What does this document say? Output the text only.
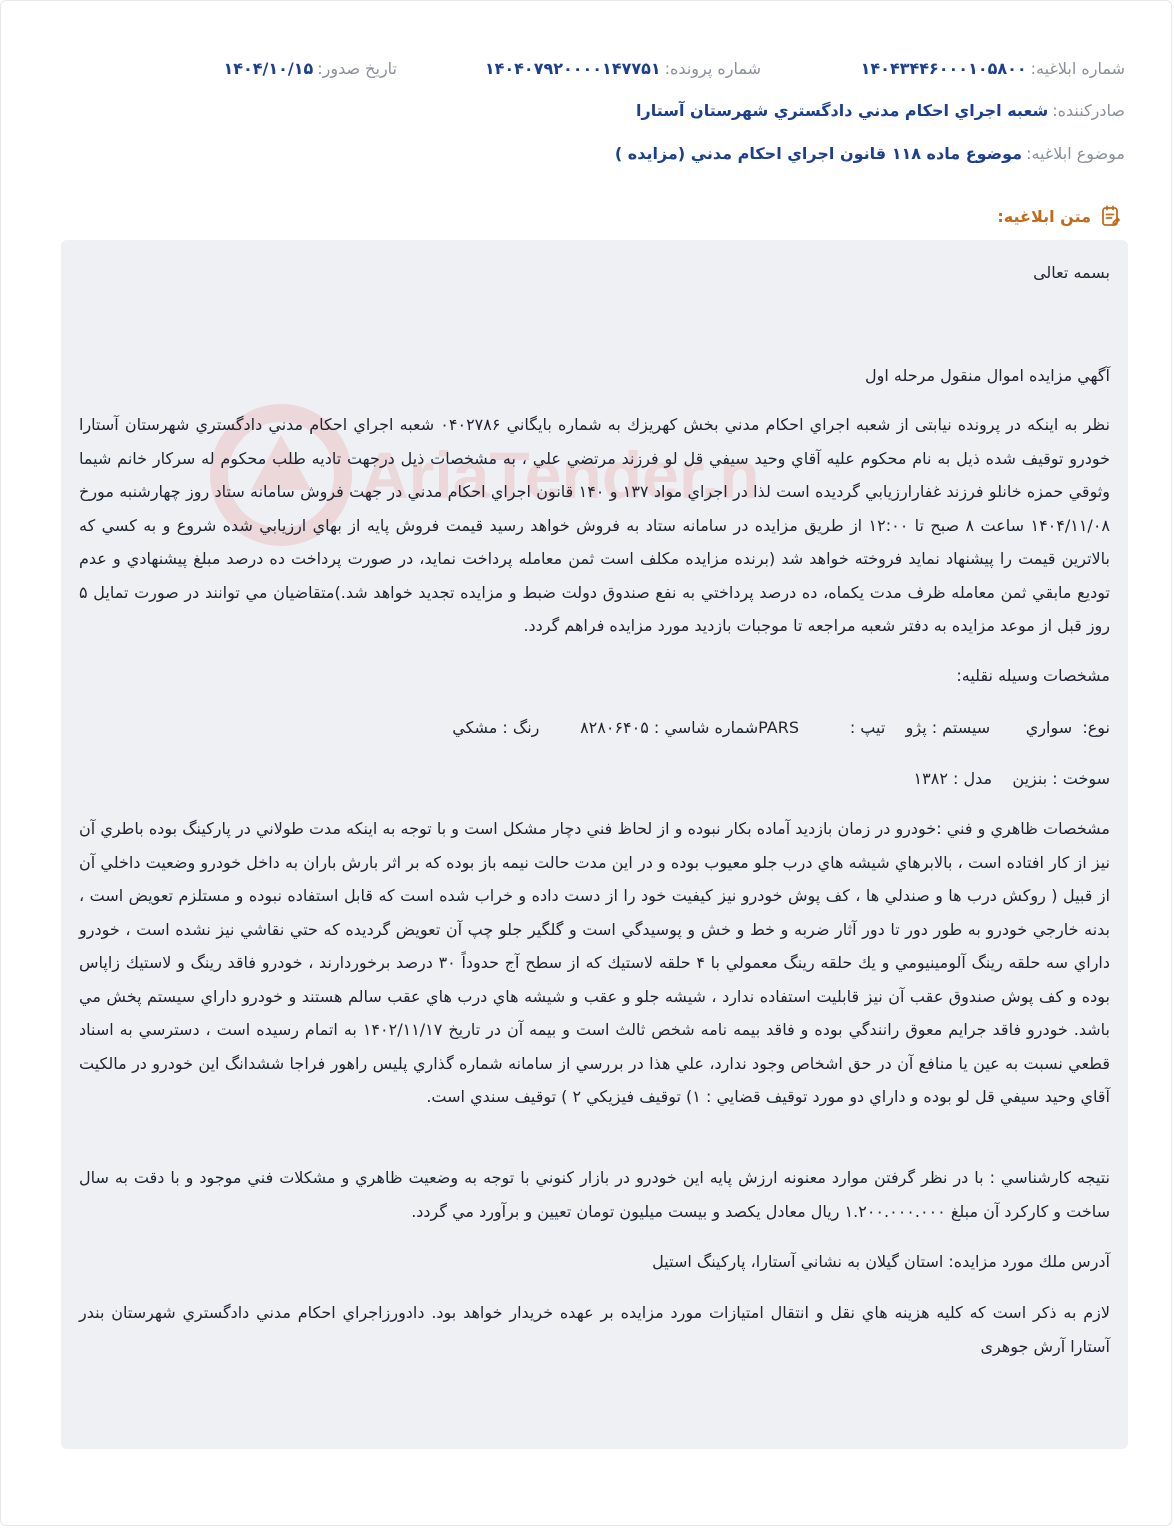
شماره ابلاغیه:
۱۴۰۴۳۴۴۶۰۰۰۱۰۵۸۰۰
شماره پرونده:
۱۴۰۴۰۷۹۲۰۰۰۰۱۴۷۷۵۱
تاریخ صدور:
۱۴۰۴/۱۰/۱۵
صادرکننده:
شعبه اجراي احكام مدني دادگستري شهرستان آستارا
موضوع ابلاغیه:
موضوع ماده ۱۱۸ قانون اجراي احكام مدني (مزايده )
متن ابلاغیه:
AriaTender.n

بسمه تعالی

آگهي مزايده اموال منقول مرحله اول

نظر به اينكه در پرونده نيابتی از شعبه اجراي احكام مدني بخش كهريزك به شماره بايگاني ۰۴۰۲۷۸۶ شعبه اجراي احكام مدني دادگستري شهرستان آستارا خودرو توقيف شده ذيل به نام محكوم عليه آقاي وحيد سيفي قل لو فرزند مرتضي علي ، به مشخصات ذيل درجهت تاديه طلب محكوم له سركار خانم شيما وثوقي حمزه خانلو فرزند غفارارزيابي گرديده است لذا در اجراي مواد ۱۳۷ و ۱۴۰ قانون اجراي احكام مدني در جهت فروش سامانه ستاد روز چهارشنبه مورخ ۱۴۰۴/۱۱/۰۸ ساعت ۸ صبح تا ۱۲:۰۰ از طريق مزايده در سامانه ستاد به فروش خواهد رسيد قيمت فروش پايه از بهاي ارزيابي شده شروع و به كسي كه بالاترين قيمت را پيشنهاد نمايد فروخته خواهد شد (برنده مزايده مكلف است ثمن معامله پرداخت نمايد، در صورت پرداخت ده درصد مبلغ پيشنهادي و عدم توديع مابقي ثمن معامله ظرف مدت يكماه، ده درصد پرداختي به نفع صندوق دولت ضبط و مزايده تجديد خواهد شد.)متقاضيان مي توانند در صورت تمايل ۵ روز قبل از موعد مزايده به دفتر شعبه مراجعه تا موجبات بازديد مورد مزايده فراهم گردد.

مشخصات وسيله نقليه:

نوع:  سواري       سيستم : پژو    تيپ :          PARSشماره شاسي : ۸۲۸۰۶۴۰۵        رنگ : مشكي

سوخت : بنزين    مدل : ۱۳۸۲

مشخصات ظاهري و فني :خودرو در زمان بازديد آماده بكار نبوده و از لحاظ فني دچار مشكل است و با توجه به اينكه مدت طولاني در پاركينگ بوده باطري آن نيز از كار افتاده است ، بالابرهاي شيشه هاي درب جلو معيوب بوده و در اين مدت حالت نيمه باز بوده كه بر اثر بارش باران به داخل خودرو وضعيت داخلي آن از قبيل ( روكش درب ها و صندلي ها ، كف پوش خودرو نيز كيفيت خود را از دست داده و خراب شده است كه قابل استفاده نبوده و مستلزم تعويض است ، بدنه خارجي خودرو به طور دور تا دور آثار ضربه و خط و خش و پوسيدگي است و گلگير جلو چپ آن تعويض گرديده كه حتي نقاشي نيز نشده است ، خودرو داراي سه حلقه رينگ آلومينيومي و يك حلقه رينگ معمولي با ۴ حلقه لاستيك كه از سطح آج حدوداً ۳۰ درصد برخوردارند ، خودرو فاقد رينگ و لاستيك زاپاس بوده و كف پوش صندوق عقب آن نيز قابليت استفاده ندارد ، شيشه جلو و عقب و شيشه هاي درب هاي عقب سالم هستند و خودرو داراي سيستم پخش مي باشد. خودرو فاقد جرايم معوق رانندگي بوده و فاقد بيمه نامه شخص ثالث است و بيمه آن در تاريخ ۱۴۰۲/۱۱/۱۷ به اتمام رسيده است ، دسترسي به اسناد قطعي نسبت به عين يا منافع آن در حق اشخاص وجود ندارد، علي هذا در بررسي از سامانه شماره گذاري پليس راهور فراجا ششدانگ اين خودرو در مالكيت آقاي وحيد سيفي قل لو بوده و داراي دو مورد توقيف قضايي : ۱) توقيف فيزيكي ۲ ) توقيف سندي است.

نتيجه كارشناسي : با در نظر گرفتن موارد معنونه ارزش پايه اين خودرو در بازار كنوني با توجه به وضعيت ظاهري و مشكلات فني موجود و با دقت به سال ساخت و كاركرد آن مبلغ ۱.۲۰۰.۰۰۰.۰۰۰ ريال معادل يكصد و بيست ميليون تومان تعيين و برآورد مي گردد.

آدرس ملك مورد مزايده: استان گيلان به نشاني آستارا، پاركينگ استيل

لازم به ذكر است كه كليه هزينه هاي نقل و انتقال امتيازات مورد مزايده بر عهده خريدار خواهد بود. دادورزاجراي احكام مدني دادگستري شهرستان بندر آستارا آرش جوهری
